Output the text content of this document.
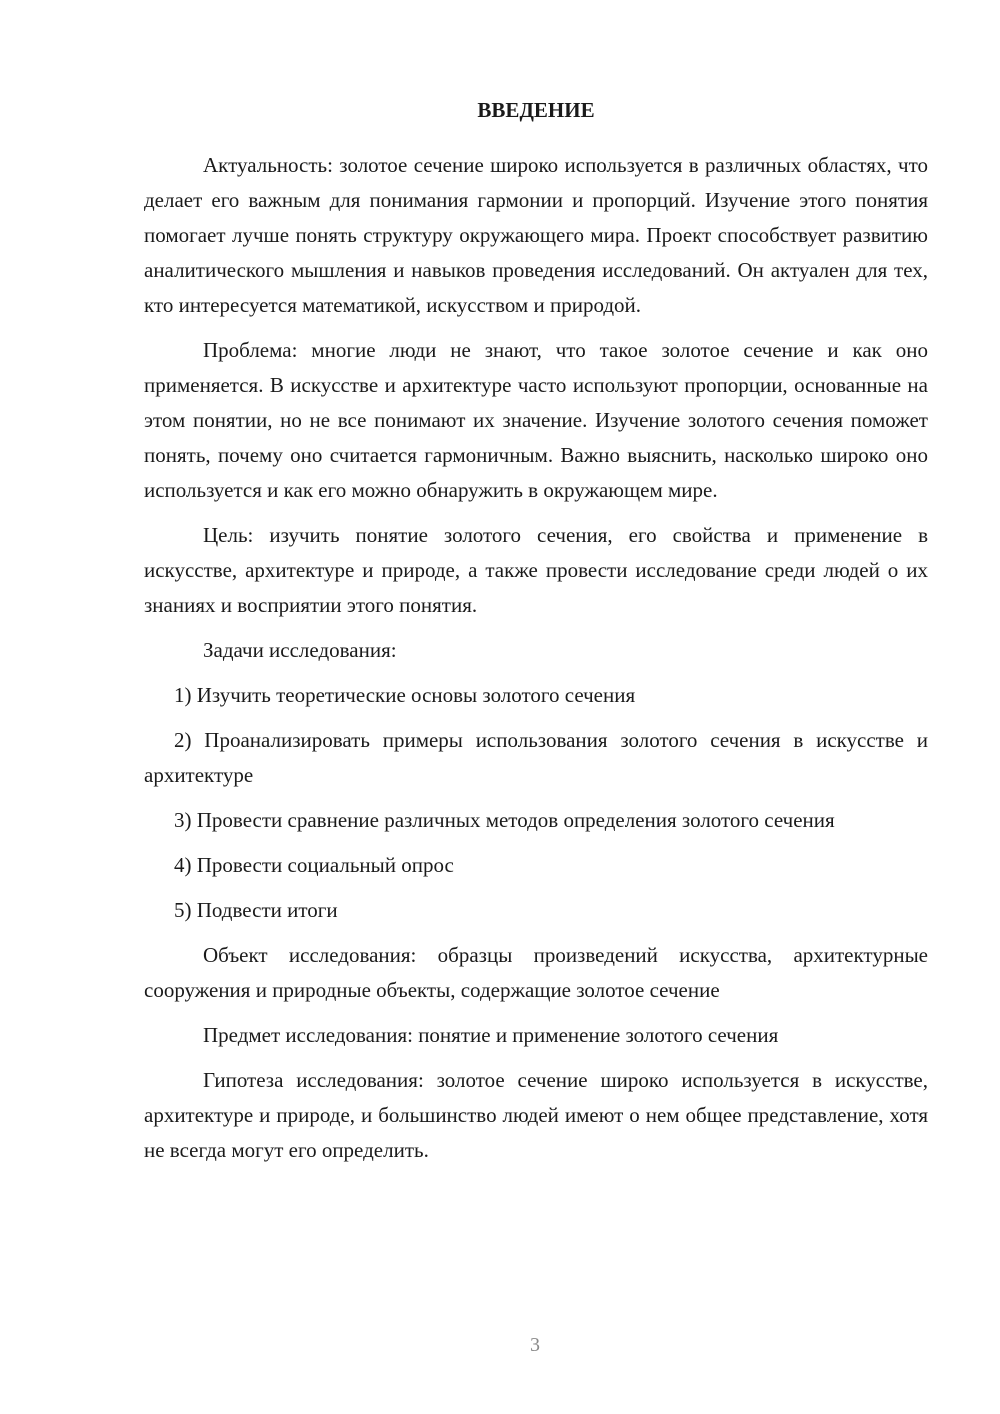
ВВЕДЕНИЕ

Актуальность: золотое сечение широко используется в различных областях, что делает его важным для понимания гармонии и пропорций. Изучение этого понятия помогает лучше понять структуру окружающего мира. Проект способствует развитию аналитического мышления и навыков проведения исследований. Он актуален для тех, кто интересуется математикой, искусством и природой.

Проблема: многие люди не знают, что такое золотое сечение и как оно применяется. В искусстве и архитектуре часто используют пропорции, основанные на этом понятии, но не все понимают их значение. Изучение золотого сечения поможет понять, почему оно считается гармоничным. Важно выяснить, насколько широко оно используется и как его можно обнаружить в окружающем мире.

Цель: изучить понятие золотого сечения, его свойства и применение в искусстве, архитектуре и природе, а также провести исследование среди людей о их знаниях и восприятии этого понятия.

Задачи исследования:

1) Изучить теоретические основы золотого сечения

2) Проанализировать примеры использования золотого сечения в искусстве и архитектуре

3) Провести сравнение различных методов определения золотого сечения

4) Провести социальный опрос

5) Подвести итоги

Объект исследования: образцы произведений искусства, архитектурные сооружения и природные объекты, содержащие золотое сечение

Предмет исследования: понятие и применение золотого сечения

Гипотеза исследования: золотое сечение широко используется в искусстве, архитектуре и природе, и большинство людей имеют о нем общее представление, хотя не всегда могут его определить.

3
